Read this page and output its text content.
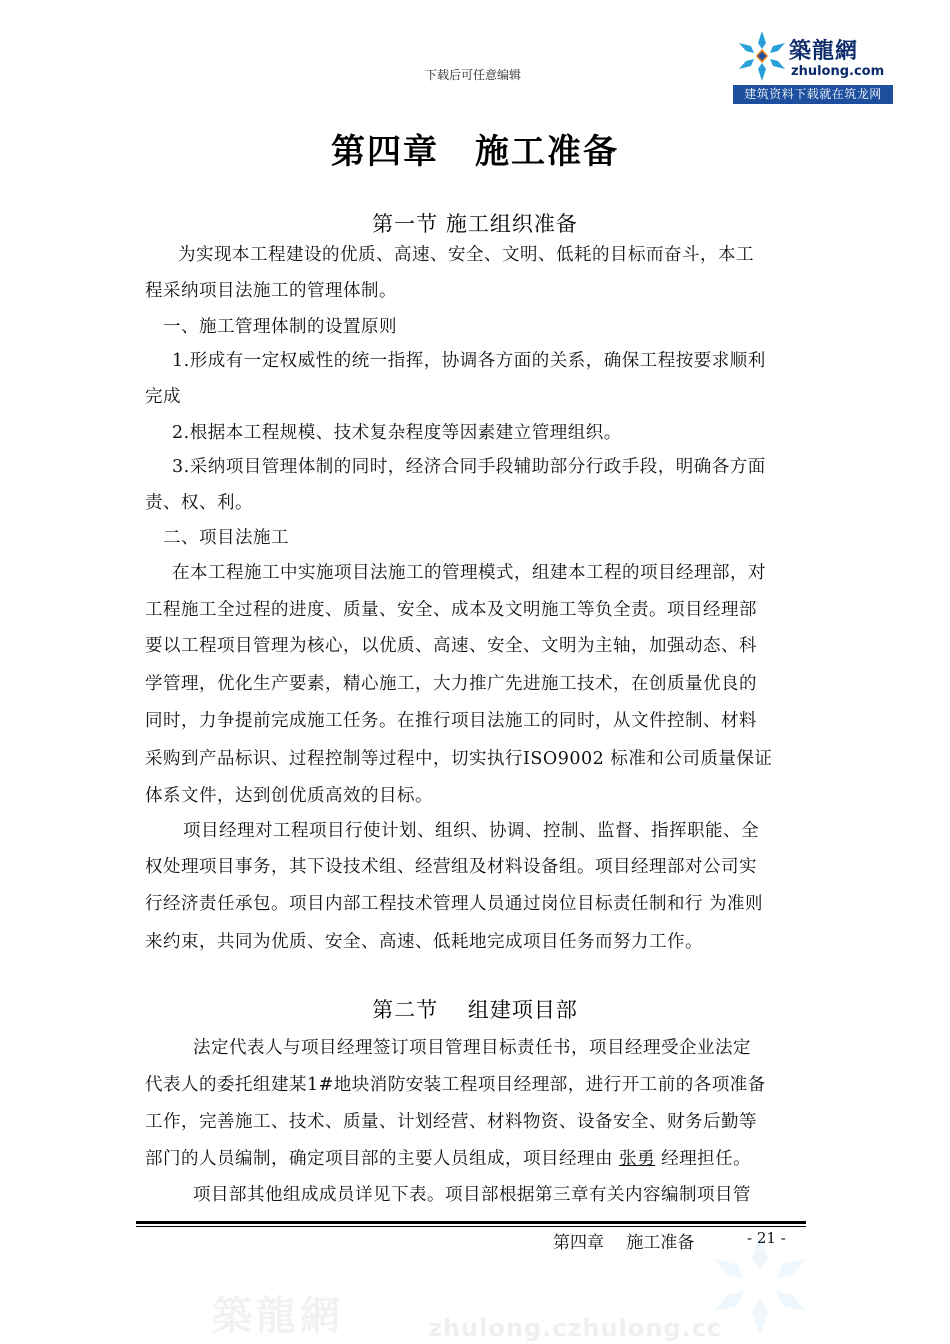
下载后可任意编辑
築龍網
zhulong.com
建筑资料下载就在筑龙网
第四章　施工准备
第一节 施工组织准备
为实现本工程建设的优质、高速、安全、文明、低耗的目标而奋斗，本工
程采纳项目法施工的管理体制。
一、施工管理体制的设置原则
1.形成有一定权威性的统一指挥，协调各方面的关系，确保工程按要求顺利
完成
2.根据本工程规模、技术复杂程度等因素建立管理组织。
3.采纳项目管理体制的同时，经济合同手段辅助部分行政手段，明确各方面
责、权、利。
二、项目法施工
在本工程施工中实施项目法施工的管理模式，组建本工程的项目经理部，对
工程施工全过程的进度、质量、安全、成本及文明施工等负全责。项目经理部
要以工程项目管理为核心，以优质、高速、安全、文明为主轴，加强动态、科
学管理，优化生产要素，精心施工，大力推广先进施工技术，在创质量优良的
同时，力争提前完成施工任务。在推行项目法施工的同时，从文件控制、材料
采购到产品标识、过程控制等过程中，切实执行ISO9002 标准和公司质量保证
体系文件，达到创优质高效的目标。
项目经理对工程项目行使计划、组织、协调、控制、监督、指挥职能、全
权处理项目事务，其下设技术组、经营组及材料设备组。项目经理部对公司实
行经济责任承包。项目内部工程技术管理人员通过岗位目标责任制和行 为准则
来约束，共同为优质、安全、高速、低耗地完成项目任务而努力工作。
第二节　 组建项目部
法定代表人与项目经理签订项目管理目标责任书，项目经理受企业法定
代表人的委托组建某1#地块消防安装工程项目经理部，进行开工前的各项准备
工作，完善施工、技术、质量、计划经营、材料物资、设备安全、财务后勤等
部门的人员编制，确定项目部的主要人员组成，项目经理由 张勇 经理担任。
项目部其他组成成员详见下表。项目部根据第三章有关内容编制项目管
第四章　 施工准备	- 21 -
築龍網	zhulong.czhulong.cc
